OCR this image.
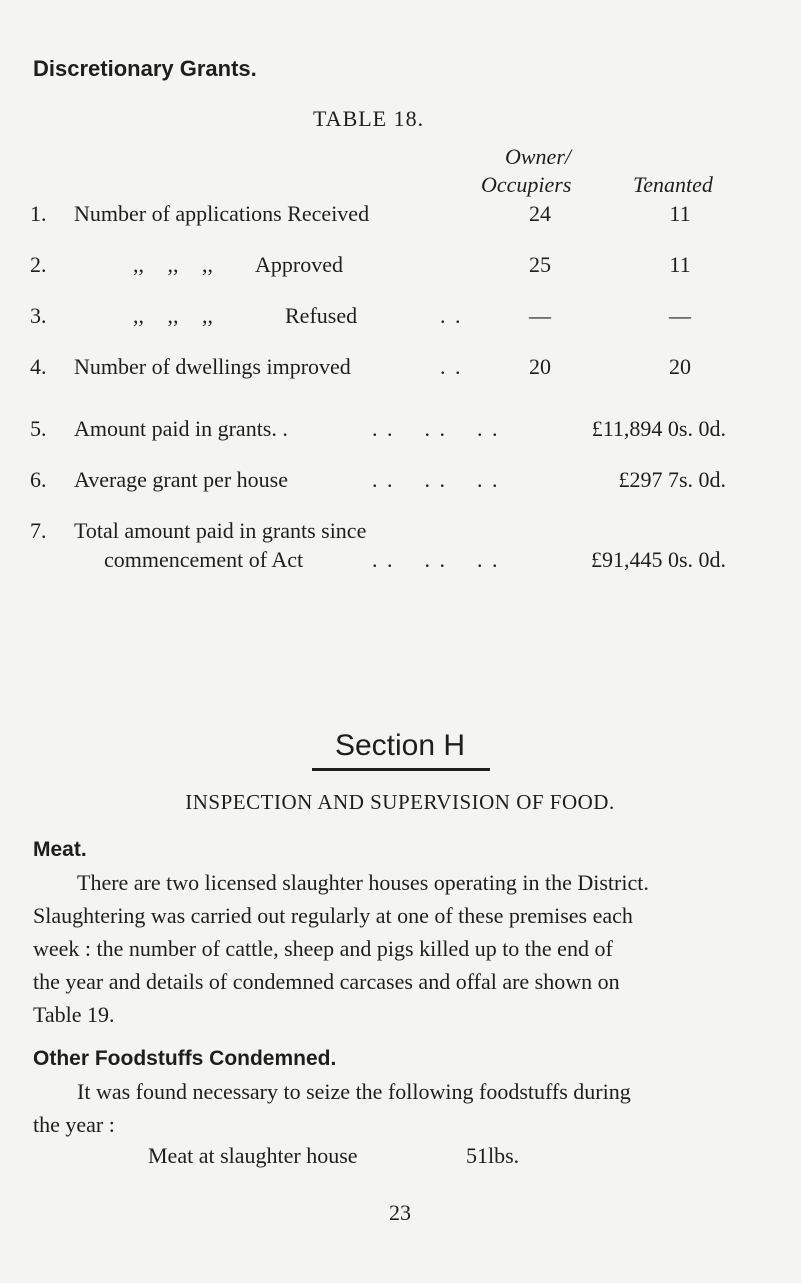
Discretionary Grants.
TABLE 18.
Owner/
Occupiers	Tenanted
1. Number of applications Received	24	11
2.	,, ,, ,, Approved	25	11
3.	,, ,, ,,	Refused	. .	—	—
4. Number of dwellings improved	. .	20	20
5. Amount paid in grants. .	. .    . .    . .	£11,894 0s. 0d.
6. Average grant per house	. .    . .    . .	£297 7s. 0d.
7. Total amount paid in grants since
commencement of Act	. .    . .    . .	£91,445 0s. 0d.
Section H
INSPECTION AND SUPERVISION OF FOOD.
Meat.
There are two licensed slaughter houses operating in the District.
Slaughtering was carried out regularly at one of these premises each
week : the number of cattle, sheep and pigs killed up to the end of
the year and details of condemned carcases and offal are shown on
Table 19.
Other Foodstuffs Condemned.
It was found necessary to seize the following foodstuffs during
the year :
Meat at slaughter house	51lbs.
23
